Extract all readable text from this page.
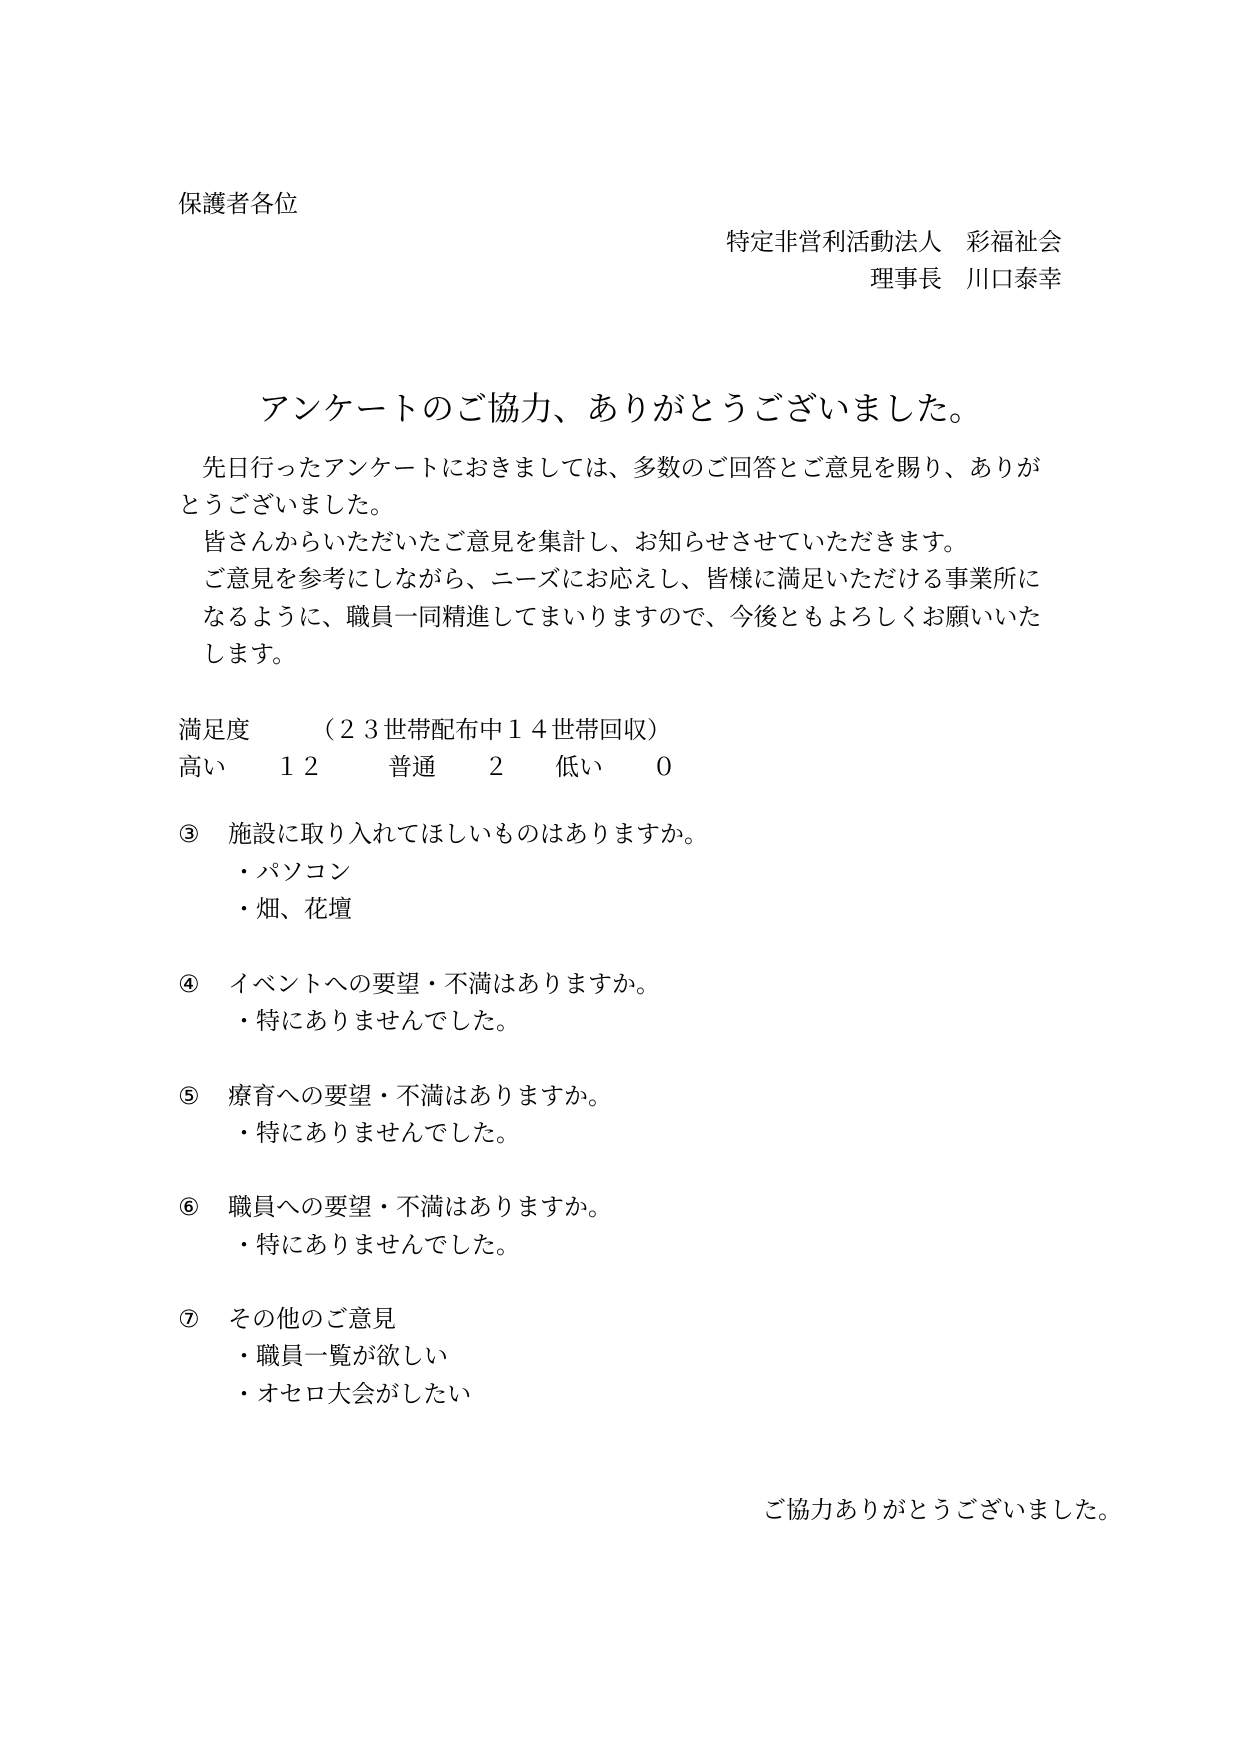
保護者各位
特定非営利活動法人　彩福祉会
理事長　川口泰幸
アンケートのご協力、ありがとうございました。
　先日行ったアンケートにおきましては、多数のご回答とご意見を賜り、ありが
とうございました。
　皆さんからいただいたご意見を集計し、お知らせさせていただきます。
　ご意見を参考にしながら、ニーズにお応えし、皆様に満足いただける事業所に
　なるように、職員一同精進してまいりますので、今後ともよろしくお願いいた
　します。
満足度	（２３世帯配布中１４世帯回収）
高い １２	普通 ２ 低い ０
③ 施設に取り入れてほしいものはありますか。
・パソコン
・畑、花壇
④ イベントへの要望・不満はありますか。
・特にありませんでした。
⑤ 療育への要望・不満はありますか。
・特にありませんでした。
⑥ 職員への要望・不満はありますか。
・特にありませんでした。
⑦ その他のご意見
・職員一覧が欲しい
・オセロ大会がしたい
ご協力ありがとうございました。
